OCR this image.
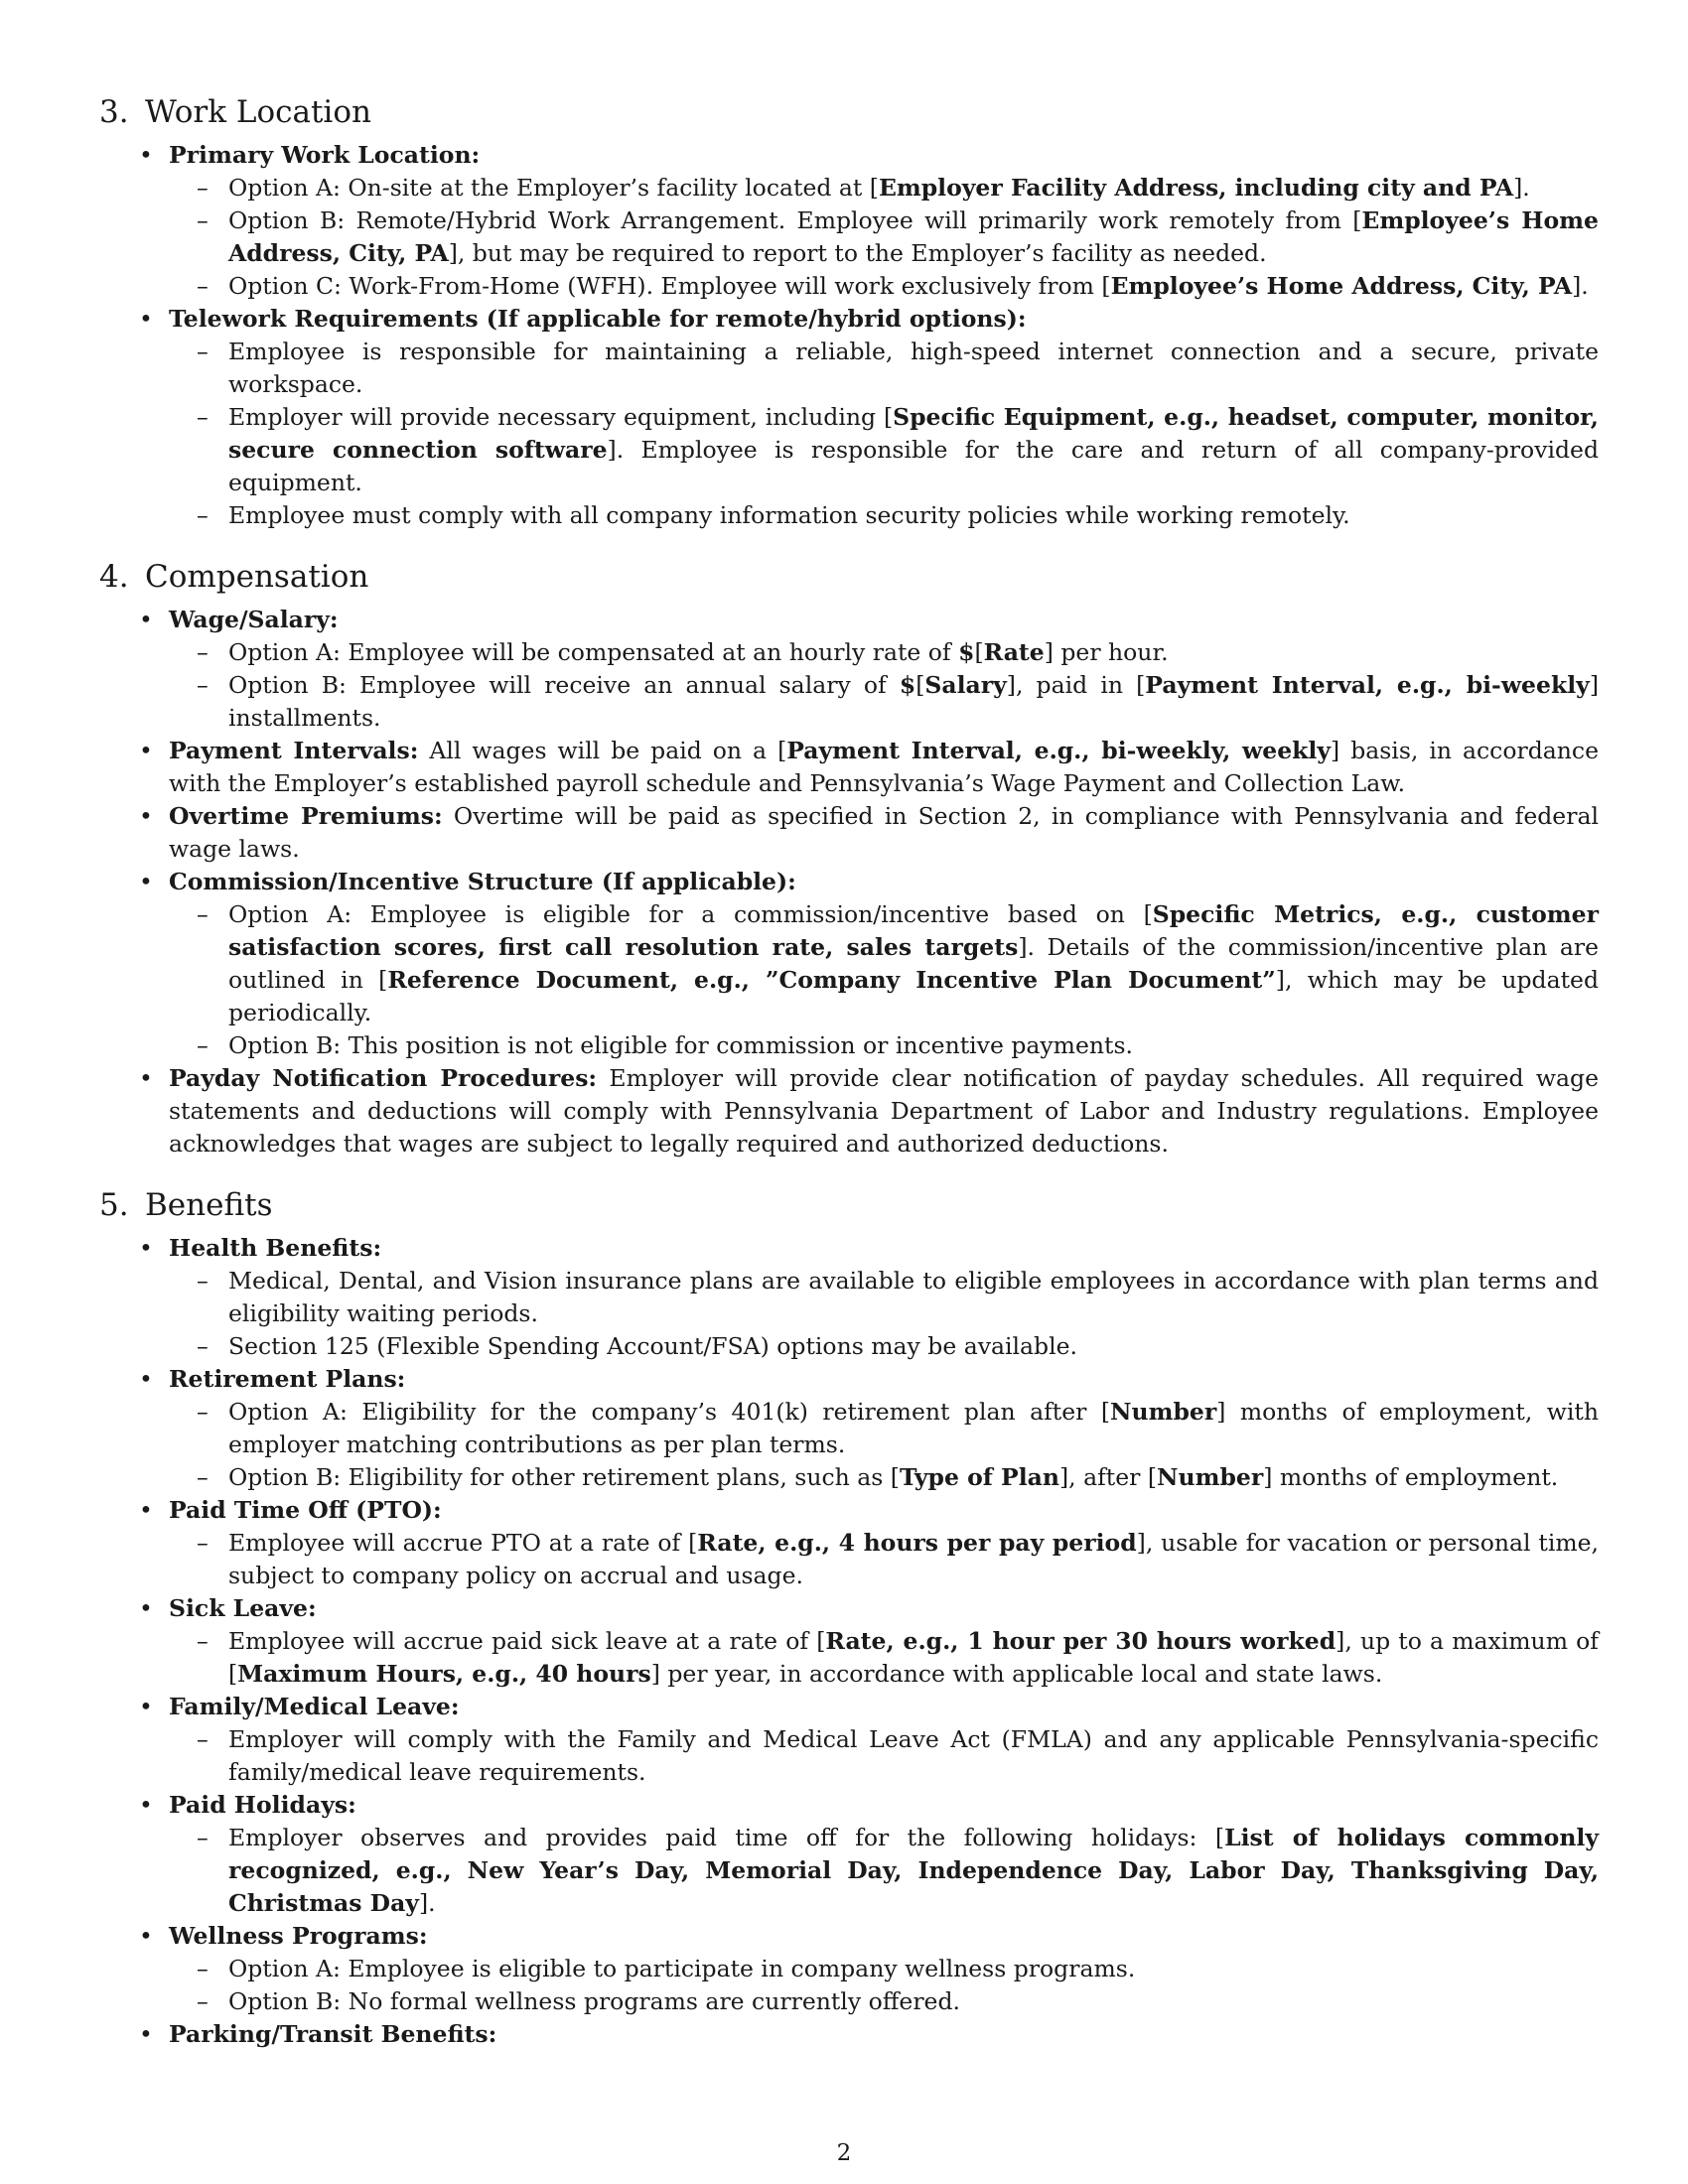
3. Work Location
• Primary Work Location:
– Option A: On-site at the Employer’s facility located at [Employer Facility Address, including city and PA].
– Option B: Remote/Hybrid Work Arrangement. Employee will primarily work remotely from [Employee’s Home Address, City, PA], but may be required to report to the Employer’s facility as needed.
– Option C: Work-From-Home (WFH). Employee will work exclusively from [Employee’s Home Address, City, PA].
• Telework Requirements (If applicable for remote/hybrid options):
– Employee is responsible for maintaining a reliable, high-speed internet connection and a secure, private workspace.
– Employer will provide necessary equipment, including [Specific Equipment, e.g., headset, computer, monitor, secure connection software]. Employee is responsible for the care and return of all company-provided equipment.
– Employee must comply with all company information security policies while working remotely.
4. Compensation
• Wage/Salary:
– Option A: Employee will be compensated at an hourly rate of $[Rate] per hour.
– Option B: Employee will receive an annual salary of $[Salary], paid in [Payment Interval, e.g., bi-weekly] installments.
• Payment Intervals: All wages will be paid on a [Payment Interval, e.g., bi-weekly, weekly] basis, in accordance with the Employer’s established payroll schedule and Pennsylvania’s Wage Payment and Collection Law.
• Overtime Premiums: Overtime will be paid as specified in Section 2, in compliance with Pennsylvania and federal wage laws.
• Commission/Incentive Structure (If applicable):
– Option A: Employee is eligible for a commission/incentive based on [Specific Metrics, e.g., customer satisfaction scores, first call resolution rate, sales targets]. Details of the commission/incentive plan are outlined in [Reference Document, e.g., ”Company Incentive Plan Document”], which may be updated periodically.
– Option B: This position is not eligible for commission or incentive payments.
• Payday Notification Procedures: Employer will provide clear notification of payday schedules. All required wage statements and deductions will comply with Pennsylvania Department of Labor and Industry regulations. Employee acknowledges that wages are subject to legally required and authorized deductions.
5. Benefits
• Health Benefits:
– Medical, Dental, and Vision insurance plans are available to eligible employees in accordance with plan terms and eligibility waiting periods.
– Section 125 (Flexible Spending Account/FSA) options may be available.
• Retirement Plans:
– Option A: Eligibility for the company’s 401(k) retirement plan after [Number] months of employment, with employer matching contributions as per plan terms.
– Option B: Eligibility for other retirement plans, such as [Type of Plan], after [Number] months of employment.
• Paid Time Off (PTO):
– Employee will accrue PTO at a rate of [Rate, e.g., 4 hours per pay period], usable for vacation or personal time, subject to company policy on accrual and usage.
• Sick Leave:
– Employee will accrue paid sick leave at a rate of [Rate, e.g., 1 hour per 30 hours worked], up to a maximum of [Maximum Hours, e.g., 40 hours] per year, in accordance with applicable local and state laws.
• Family/Medical Leave:
– Employer will comply with the Family and Medical Leave Act (FMLA) and any applicable Pennsylvania-specific family/medical leave requirements.
• Paid Holidays:
– Employer observes and provides paid time off for the following holidays: [List of holidays commonly recognized, e.g., New Year’s Day, Memorial Day, Independence Day, Labor Day, Thanksgiving Day, Christmas Day].
• Wellness Programs:
– Option A: Employee is eligible to participate in company wellness programs.
– Option B: No formal wellness programs are currently offered.
• Parking/Transit Benefits:
2
